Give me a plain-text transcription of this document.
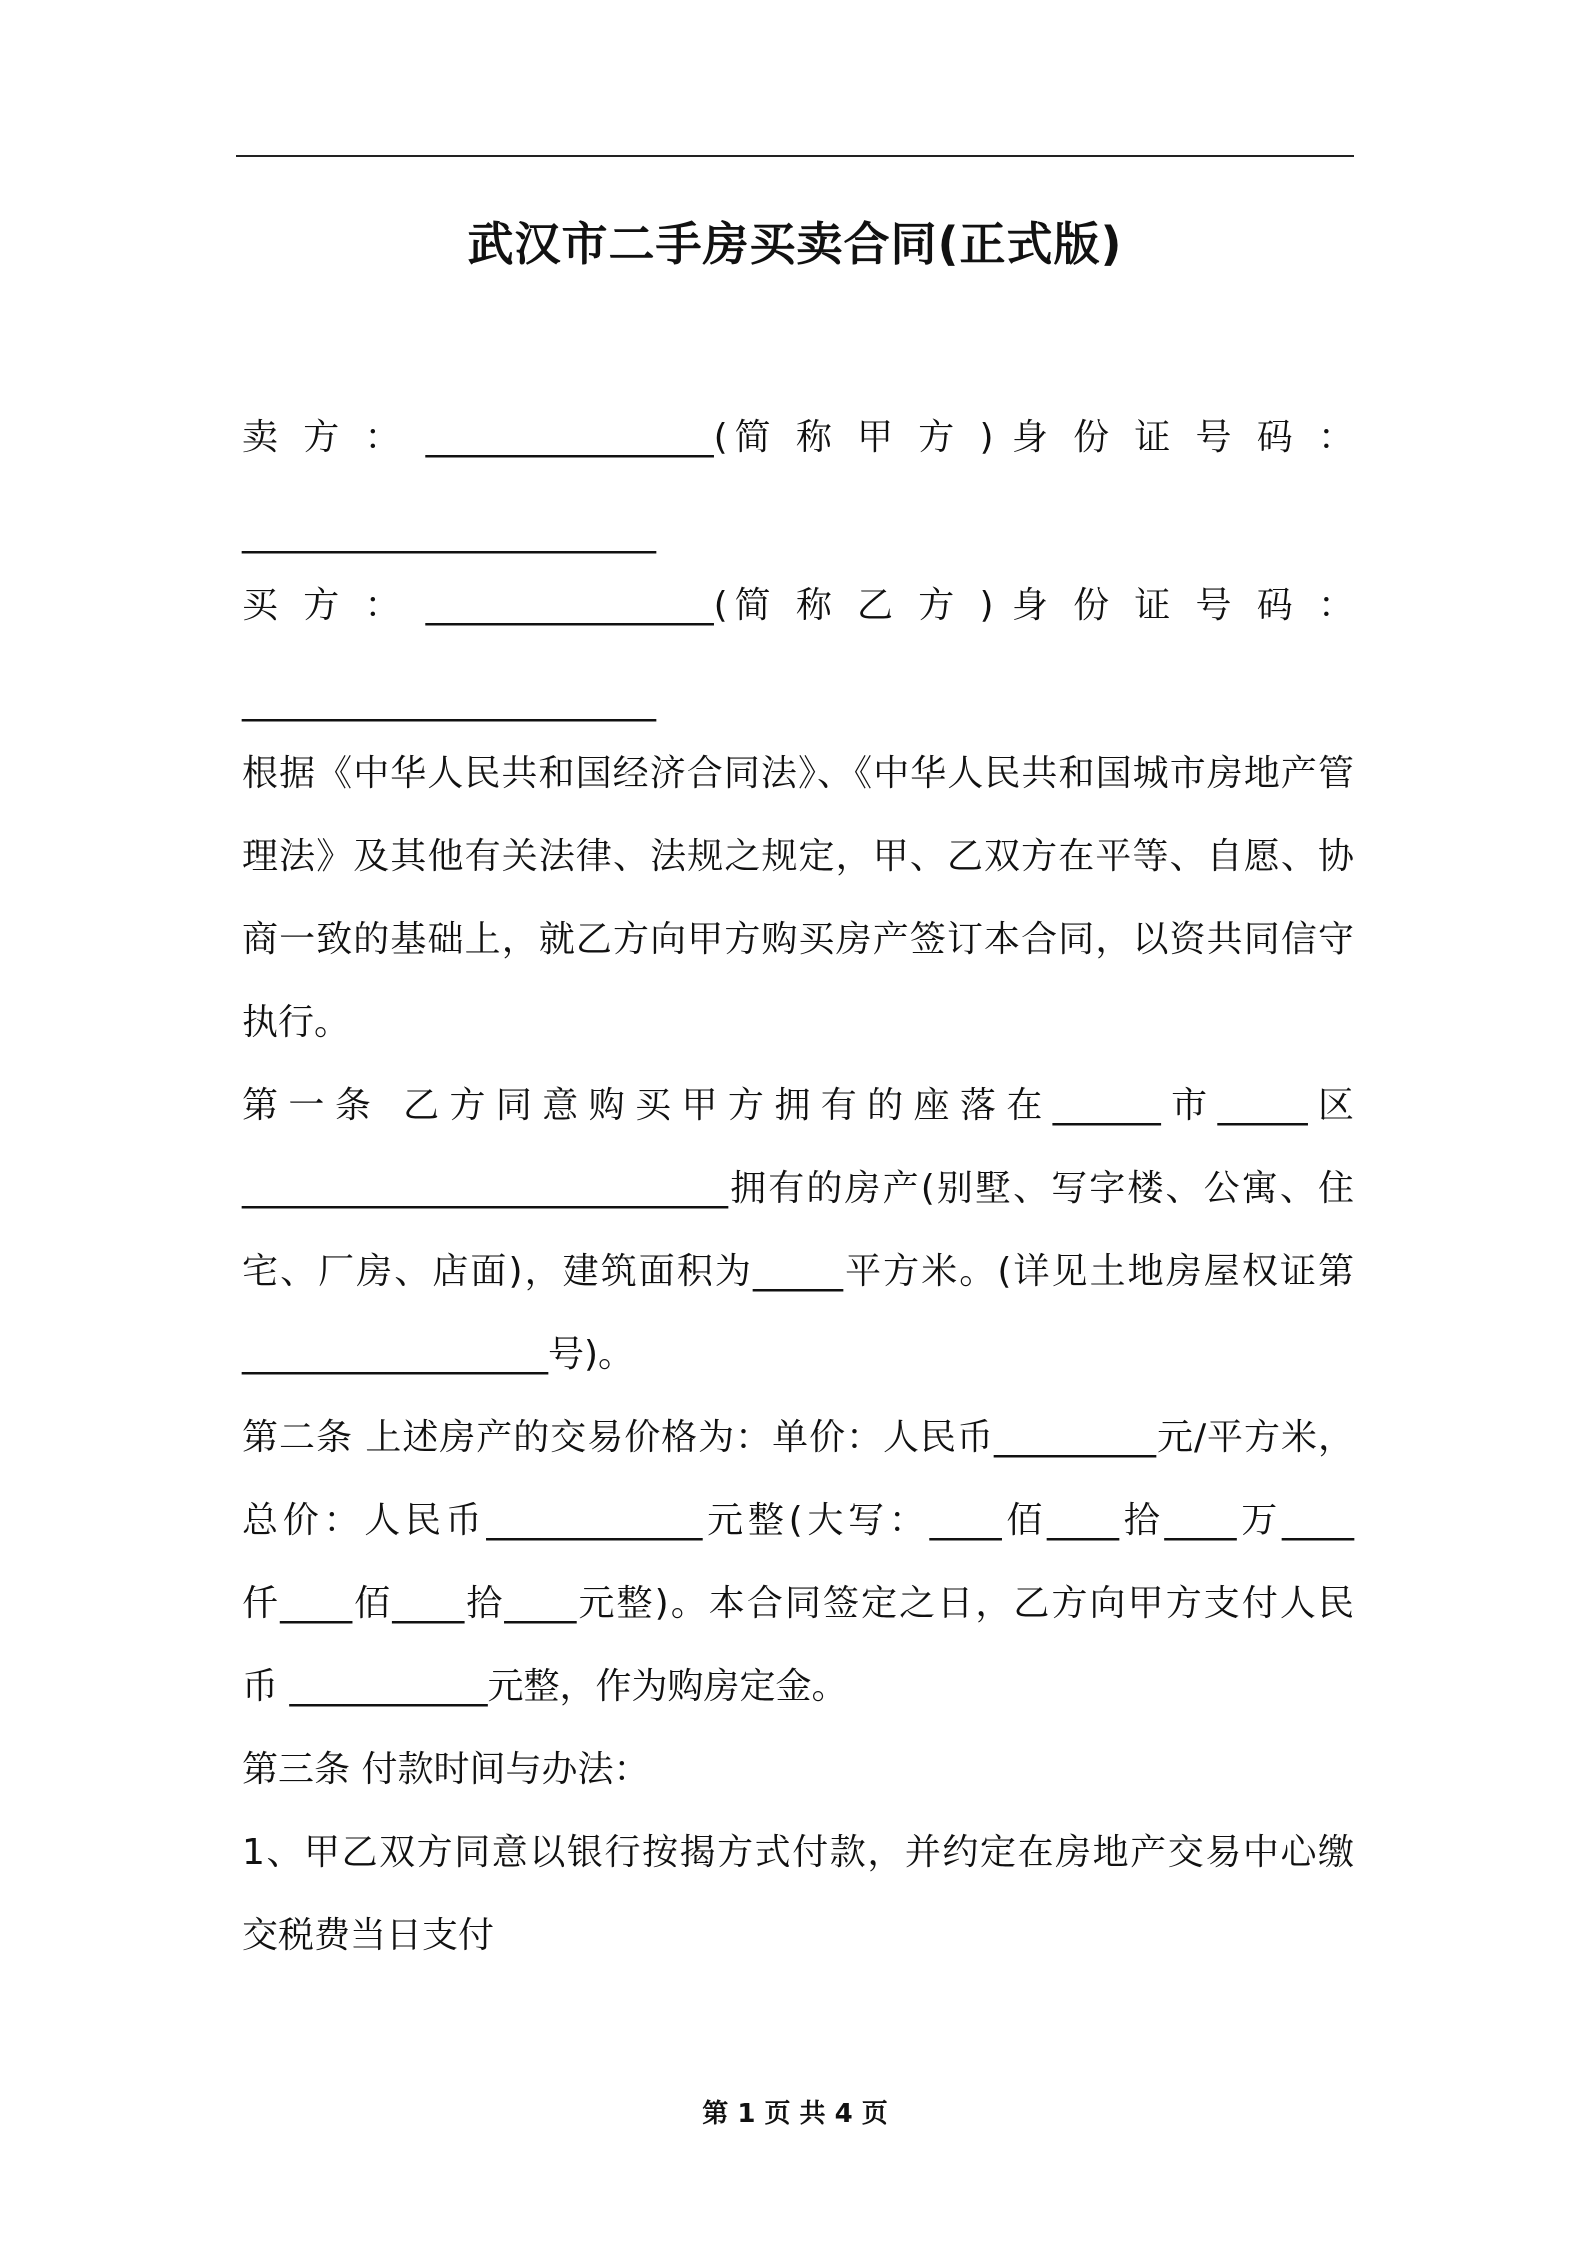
武汉市二手房买卖合同(正式版)
卖 方 ： ________________(简 称 甲 方 ) 身 份 证 号 码 ：
_______________________
买 方 ： ________________(简 称 乙 方 ) 身 份 证 号 码 ：
_______________________
根据《中华人民共和国经济合同法》、《中华人民共和国城市房地产管
理法》及其他有关法律、法规之规定，甲、乙双方在平等、自愿、协
商一致的基础上，就乙方向甲方购买房产签订本合同，以资共同信守
执行。
第一条 乙方同意购买甲方拥有的座落在______市_____区
___________________________拥有的房产(别墅、写字楼、公寓、住
宅、厂房、店面)，建筑面积为_____平方米。(详见土地房屋权证第
_________________号)。
第二条 上述房产的交易价格为：单价：人民币_________元/平方米，
总价：人民币____________元整(大写：____佰____拾____万____
仟____佰____拾____元整)。本合同签定之日，乙方向甲方支付人民
币 ___________元整，作为购房定金。
第三条 付款时间与办法：
1、甲乙双方同意以银行按揭方式付款，并约定在房地产交易中心缴
交税费当日支付
第 1 页 共 4 页
